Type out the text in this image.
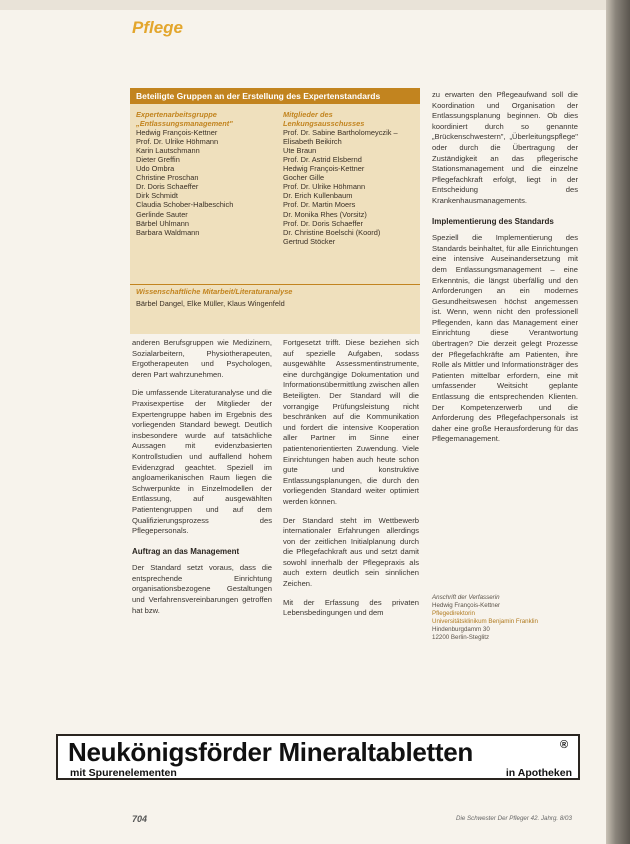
Pflege
Beteiligte Gruppen an der Erstellung des Expertenstandards
Expertenarbeitsgruppe
„Entlassungsmanagement"
Hedwig François-Kettner
Prof. Dr. Ulrike Höhmann
Karin Lautschmann
Dieter Greffin
Udo Ombra
Christine Proschan
Dr. Doris Schaeffer
Dirk Schmidt
Claudia Schober-Halbeschich
Gerlinde Sauter
Bärbel Uhlmann
Barbara Waldmann
Mitglieder des
Lenkungsausschusses
Prof. Dr. Sabine Bartholomeyczik –
Elisabeth Beikirch
Ute Braun
Prof. Dr. Astrid Elsbernd
Hedwig François-Kettner
Gocher Gille
Prof. Dr. Ulrike Höhmann
Dr. Erich Kullenbaum
Prof. Dr. Martin Moers
Dr. Monika Rhes (Vorsitz)
Prof. Dr. Doris Schaeffer
Dr. Christine Boelschi (Koord)
Gertrud Stöcker
Wissenschaftliche Mitarbeit/Literaturanalyse
Bärbel Dangel, Elke Müller, Klaus Wingenfeld

anderen Berufsgruppen wie Medizinern, Sozialarbeitern, Physiotherapeuten, Ergotherapeuten und Psychologen, deren Part wahrzunehmen.

Die umfassende Literaturanalyse und die Praxisexpertise der Mitglieder der Expertengruppe haben im Ergebnis des vorliegenden Standard bewegt. Deutlich insbesondere wurde auf tatsächliche Aussagen mit evidenzbasierten Kontrollstudien und auffallend hohem Evidenzgrad geachtet. Speziell im angloamerikanischen Raum liegen die Schwerpunkte in Einzelmodellen der Entlassung, auf ausgewählten Patientengruppen und auf dem Qualifizierungsprozess des Pflegepersonals.

Auftrag an das Management

Der Standard setzt voraus, dass die entsprechende Einrichtung organisationsbezogene Gestaltungen und Verfahrensvereinbarungen getroffen hat bzw.

Fortgesetzt trifft. Diese beziehen sich auf spezielle Aufgaben, sodass ausgewählte Assessmentinstrumente, eine durchgängige Dokumentation und Informationsübermittlung zwischen allen Beteiligten. Der Standard will die vorrangige Prüfungsleistung nicht beschränken auf die Kommunikation und fordert die intensive Kooperation aller Partner im Sinne einer patientenorientierten Zuwendung. Viele Einrichtungen haben auch heute schon gute und konstruktive Entlassungsplanungen, die durch den vorliegenden Standard weiter optimiert werden können.

Der Standard steht im Wettbewerb internationaler Erfahrungen allerdings von der zeitlichen Initialplanung durch die Pflegefachkraft aus und setzt damit sowohl innerhalb der Pflegepraxis als auch extern deutlich sein sinnlichen Zeichen.

Mit der Erfassung des privaten Lebensbedingungen und dem

zu erwarten den Pflegeaufwand soll die Koordination und Organisation der Entlassungsplanung beginnen. Ob dies koordiniert durch so genannte „Brückenschwestern", „Überleitungspflege" oder durch die Übertragung der Zuständigkeit an das pflegerische Stationsmanagement und die einzelne Pflegefachkraft erfolgt, liegt in der Entscheidung des Krankenhausmanagements.

Implementierung des Standards

Speziell die Implementierung des Standards beinhaltet, für alle Einrichtungen eine intensive Auseinandersetzung mit dem Entlassungsmanagement – eine Erkenntnis, die längst überfällig und den Anforderungen an ein modernes Gesundheitswesen höchst angemessen ist. Wenn, wenn nicht den professionell Pflegenden, kann das Management einer Einrichtung diese Verantwortung übertragen? Die derzeit gelegt Prozesse der Pflegefachkräfte am Patienten, ihre Rolle als Mittler und Informationsträger des Patienten mittelbar erfordern, eine mit umfassender Weitsicht geplante Entlassung die entsprechenden Klienten. Der Kompetenzerwerb und die Anforderung des Pflegefachpersonals ist daher eine große Herausforderung für das Pflegemanagement.

Anschrift der Verfasserin
Hedwig François-Kettner
Pflegedirektorin
Universitätsklinikum Benjamin Franklin
Hindenburgdamm 30
12200 Berlin-Steglitz
Neukönigsförder Mineraltabletten	®
mit Spurenelementen	in Apotheken
704	Die Schwester Der Pfleger 42. Jahrg. 8/03
